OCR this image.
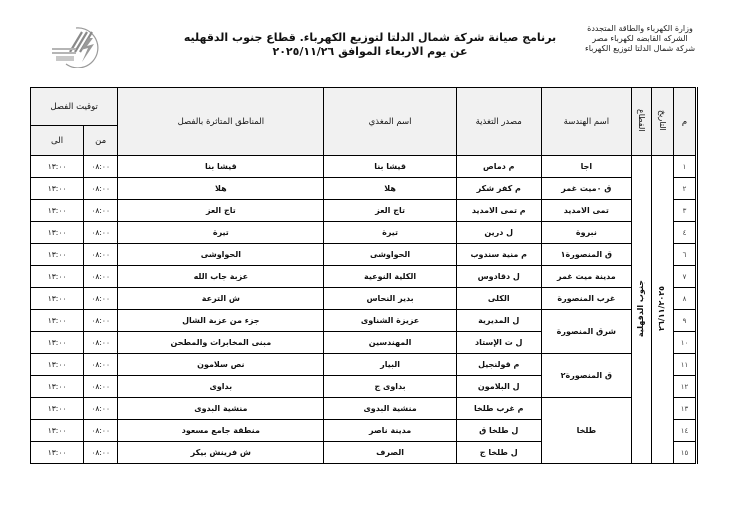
وزارة الكهرباء والطاقة المتجددة
الشركه القابضه لكهرباء مصر
شركة شمال الدلتا لتوزيع الكهرباء
برنامج صيانة شركة شمال الدلتا لتوزيع الكهرباء. قطاع جنوب الدقهليه
عن يوم الاربعاء الموافق ٢٠٢٥/١١/٢٦
م	التاريخ	القطاع	اسم الهندسة	مصدر التغذية	اسم المغذي	المناطق المتاثرة بالفصل	توقيت الفصل	
							من	الى
١	٢٦/١١/٢٠٢٥	جنوب الدقهلية	اجا	م دماص	قيشا بنا	قيشا بنا	٠٨:٠٠	١٣:٠٠
٢			ق ٠ميت غمر	م كفر شكر	هلا	هلا	٠٨:٠٠	١٣:٠٠
٣			تمى الامديد	م تمى الامديد	تاج العز	تاج العز	٠٨:٠٠	١٣:٠٠
٤			نبروة	ل درين	تيرة	تيرة	٠٨:٠٠	١٣:٠٠
٦			ق المنصورة١	م منية سندوب	الحواوشى	الحواوشى	٠٨:٠٠	١٣:٠٠
٧			مدينة ميت غمر	ل دقادوس	الكلية النوعية	عزبة جاب الله	٠٨:٠٠	١٣:٠٠
٨			غرب المنصورة	الكلى	بدير النحاس	ش الترعة	٠٨:٠٠	١٣:٠٠
٩			شرق المنصورة	ل المديرية	عزيزة الشناوى	جزء من عزبة الشال	٠٨:٠٠	١٣:٠٠
١٠				ل ت الإستاد	المهندسين	مبنى المخابرات والمطحن	٠٨:٠٠	١٣:٠٠
١١			ق المنصورة٢	م قولنجيل	البيار	نص سلامون	٠٨:٠٠	١٣:٠٠
١٢				ل البلامون	بداوى ج	بداوى	٠٨:٠٠	١٣:٠٠
١٣			طلخا	م غرب طلخا	منشية البدوى	منشية البدوى	٠٨:٠٠	١٣:٠٠
١٤				ل طلخا ق	مدينة ناصر	منطقة جامع مسعود	٠٨:٠٠	١٣:٠٠
١٥				ل طلخا ج	الصرف	ش فرينش بيكر	٠٨:٠٠	١٣:٠٠
